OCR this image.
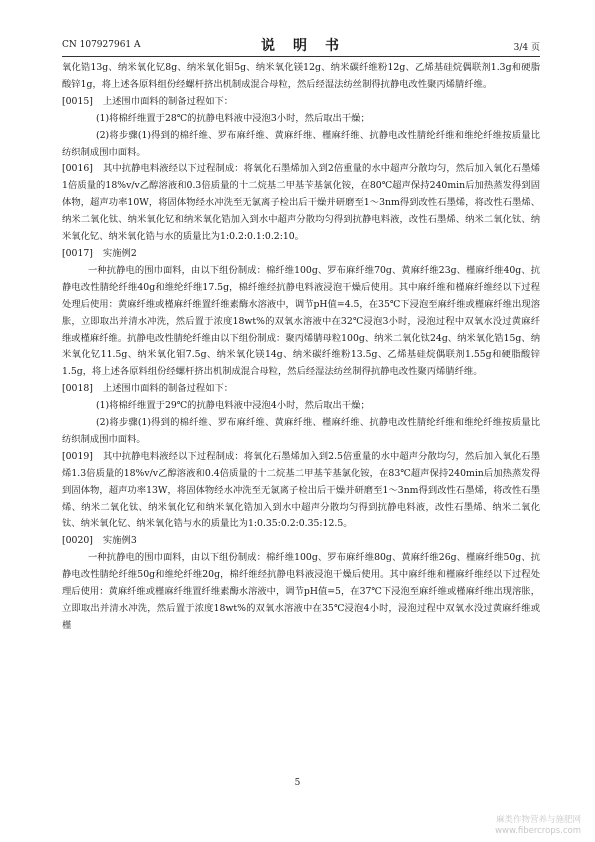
CN 107927961 A	说　明　书	3/4 页

氧化锆13g、纳米氧化钇8g、纳米氧化钼5g、纳米氧化镁12g、纳米碳纤维粉12g、乙烯基硅烷偶联剂1.3g和硬脂酸锌1g，将上述各原料组份经螺杆挤出机制成混合母粒，然后经湿法纺丝制得抗静电改性聚丙烯腈纤维。

[0015] 上述围巾面料的制备过程如下：

(1)将棉纤维置于28℃的抗静电料液中浸泡3小时，然后取出干燥；

(2)将步骤(1)得到的棉纤维、罗布麻纤维、黄麻纤维、槿麻纤维、抗静电改性腈纶纤维和维纶纤维按质量比纺织制成围巾面料。

[0016] 其中抗静电料液经以下过程制成：将氧化石墨烯加入到2倍重量的水中超声分散均匀，然后加入氧化石墨烯1倍质量的18%v/v乙醇溶液和0.3倍质量的十二烷基二甲基苄基氯化铵，在80℃超声保持240min后加热蒸发得到固体物，超声功率10W，将固体物经水冲洗至无氯离子检出后干燥并研磨至1～3nm得到改性石墨烯，将改性石墨烯、纳米二氧化钛、纳米氧化钇和纳米氧化锆加入到水中超声分散均匀得到抗静电料液，改性石墨烯、纳米二氧化钛、纳米氧化钇、纳米氧化锆与水的质量比为1:0.2:0.1:0.2:10。

[0017] 实施例2

一种抗静电的围巾面料，由以下组份制成：棉纤维100g、罗布麻纤维70g、黄麻纤维23g、槿麻纤维40g、抗静电改性腈纶纤维40g和维纶纤维17.5g，棉纤维经抗静电料液浸泡干燥后使用。其中麻纤维和槿麻纤维经以下过程处理后使用：黄麻纤维或槿麻纤维置纤维素酶水溶液中，调节pH值=4.5，在35℃下浸泡至麻纤维或槿麻纤维出现溶胀，立即取出并清水冲洗，然后置于浓度18wt%的双氧水溶液中在32℃浸泡3小时，浸泡过程中双氧水没过黄麻纤维或槿麻纤维。抗静电改性腈纶纤维由以下组份制成：聚丙烯腈母粒100g、纳米二氧化钛24g、纳米氧化锆15g、纳米氧化钇11.5g、纳米氧化钼7.5g、纳米氧化镁14g、纳米碳纤维粉13.5g、乙烯基硅烷偶联剂1.55g和硬脂酸锌1.5g，将上述各原料组份经螺杆挤出机制成混合母粒，然后经湿法纺丝制得抗静电改性聚丙烯腈纤维。

[0018] 上述围巾面料的制备过程如下：

(1)将棉纤维置于29℃的抗静电料液中浸泡4小时，然后取出干燥；

(2)将步骤(1)得到的棉纤维、罗布麻纤维、黄麻纤维、槿麻纤维、抗静电改性腈纶纤维和维纶纤维按质量比纺织制成围巾面料。

[0019] 其中抗静电料液经以下过程制成：将氧化石墨烯加入到2.5倍重量的水中超声分散均匀，然后加入氧化石墨烯1.3倍质量的18%v/v乙醇溶液和0.4倍质量的十二烷基二甲基苄基氯化铵，在83℃超声保持240min后加热蒸发得到固体物，超声功率13W，将固体物经水冲洗至无氯离子检出后干燥并研磨至1～3nm得到改性石墨烯，将改性石墨烯、纳米二氧化钛、纳米氧化钇和纳米氧化锆加入到水中超声分散均匀得到抗静电料液，改性石墨烯、纳米二氧化钛、纳米氧化钇、纳米氧化锆与水的质量比为1:0.35:0.2:0.35:12.5。

[0020] 实施例3

一种抗静电的围巾面料，由以下组份制成：棉纤维100g、罗布麻纤维80g、黄麻纤维26g、槿麻纤维50g、抗静电改性腈纶纤维50g和维纶纤维20g，棉纤维经抗静电料液浸泡干燥后使用。其中麻纤维和槿麻纤维经以下过程处理后使用：黄麻纤维或槿麻纤维置纤维素酶水溶液中，调节pH值=5，在37℃下浸泡至麻纤维或槿麻纤维出现溶胀，立即取出并清水冲洗，然后置于浓度18wt%的双氧水溶液中在35℃浸泡4小时，浸泡过程中双氧水没过黄麻纤维或槿

5
麻类作物营养与施肥网
www.fibercrops.com
